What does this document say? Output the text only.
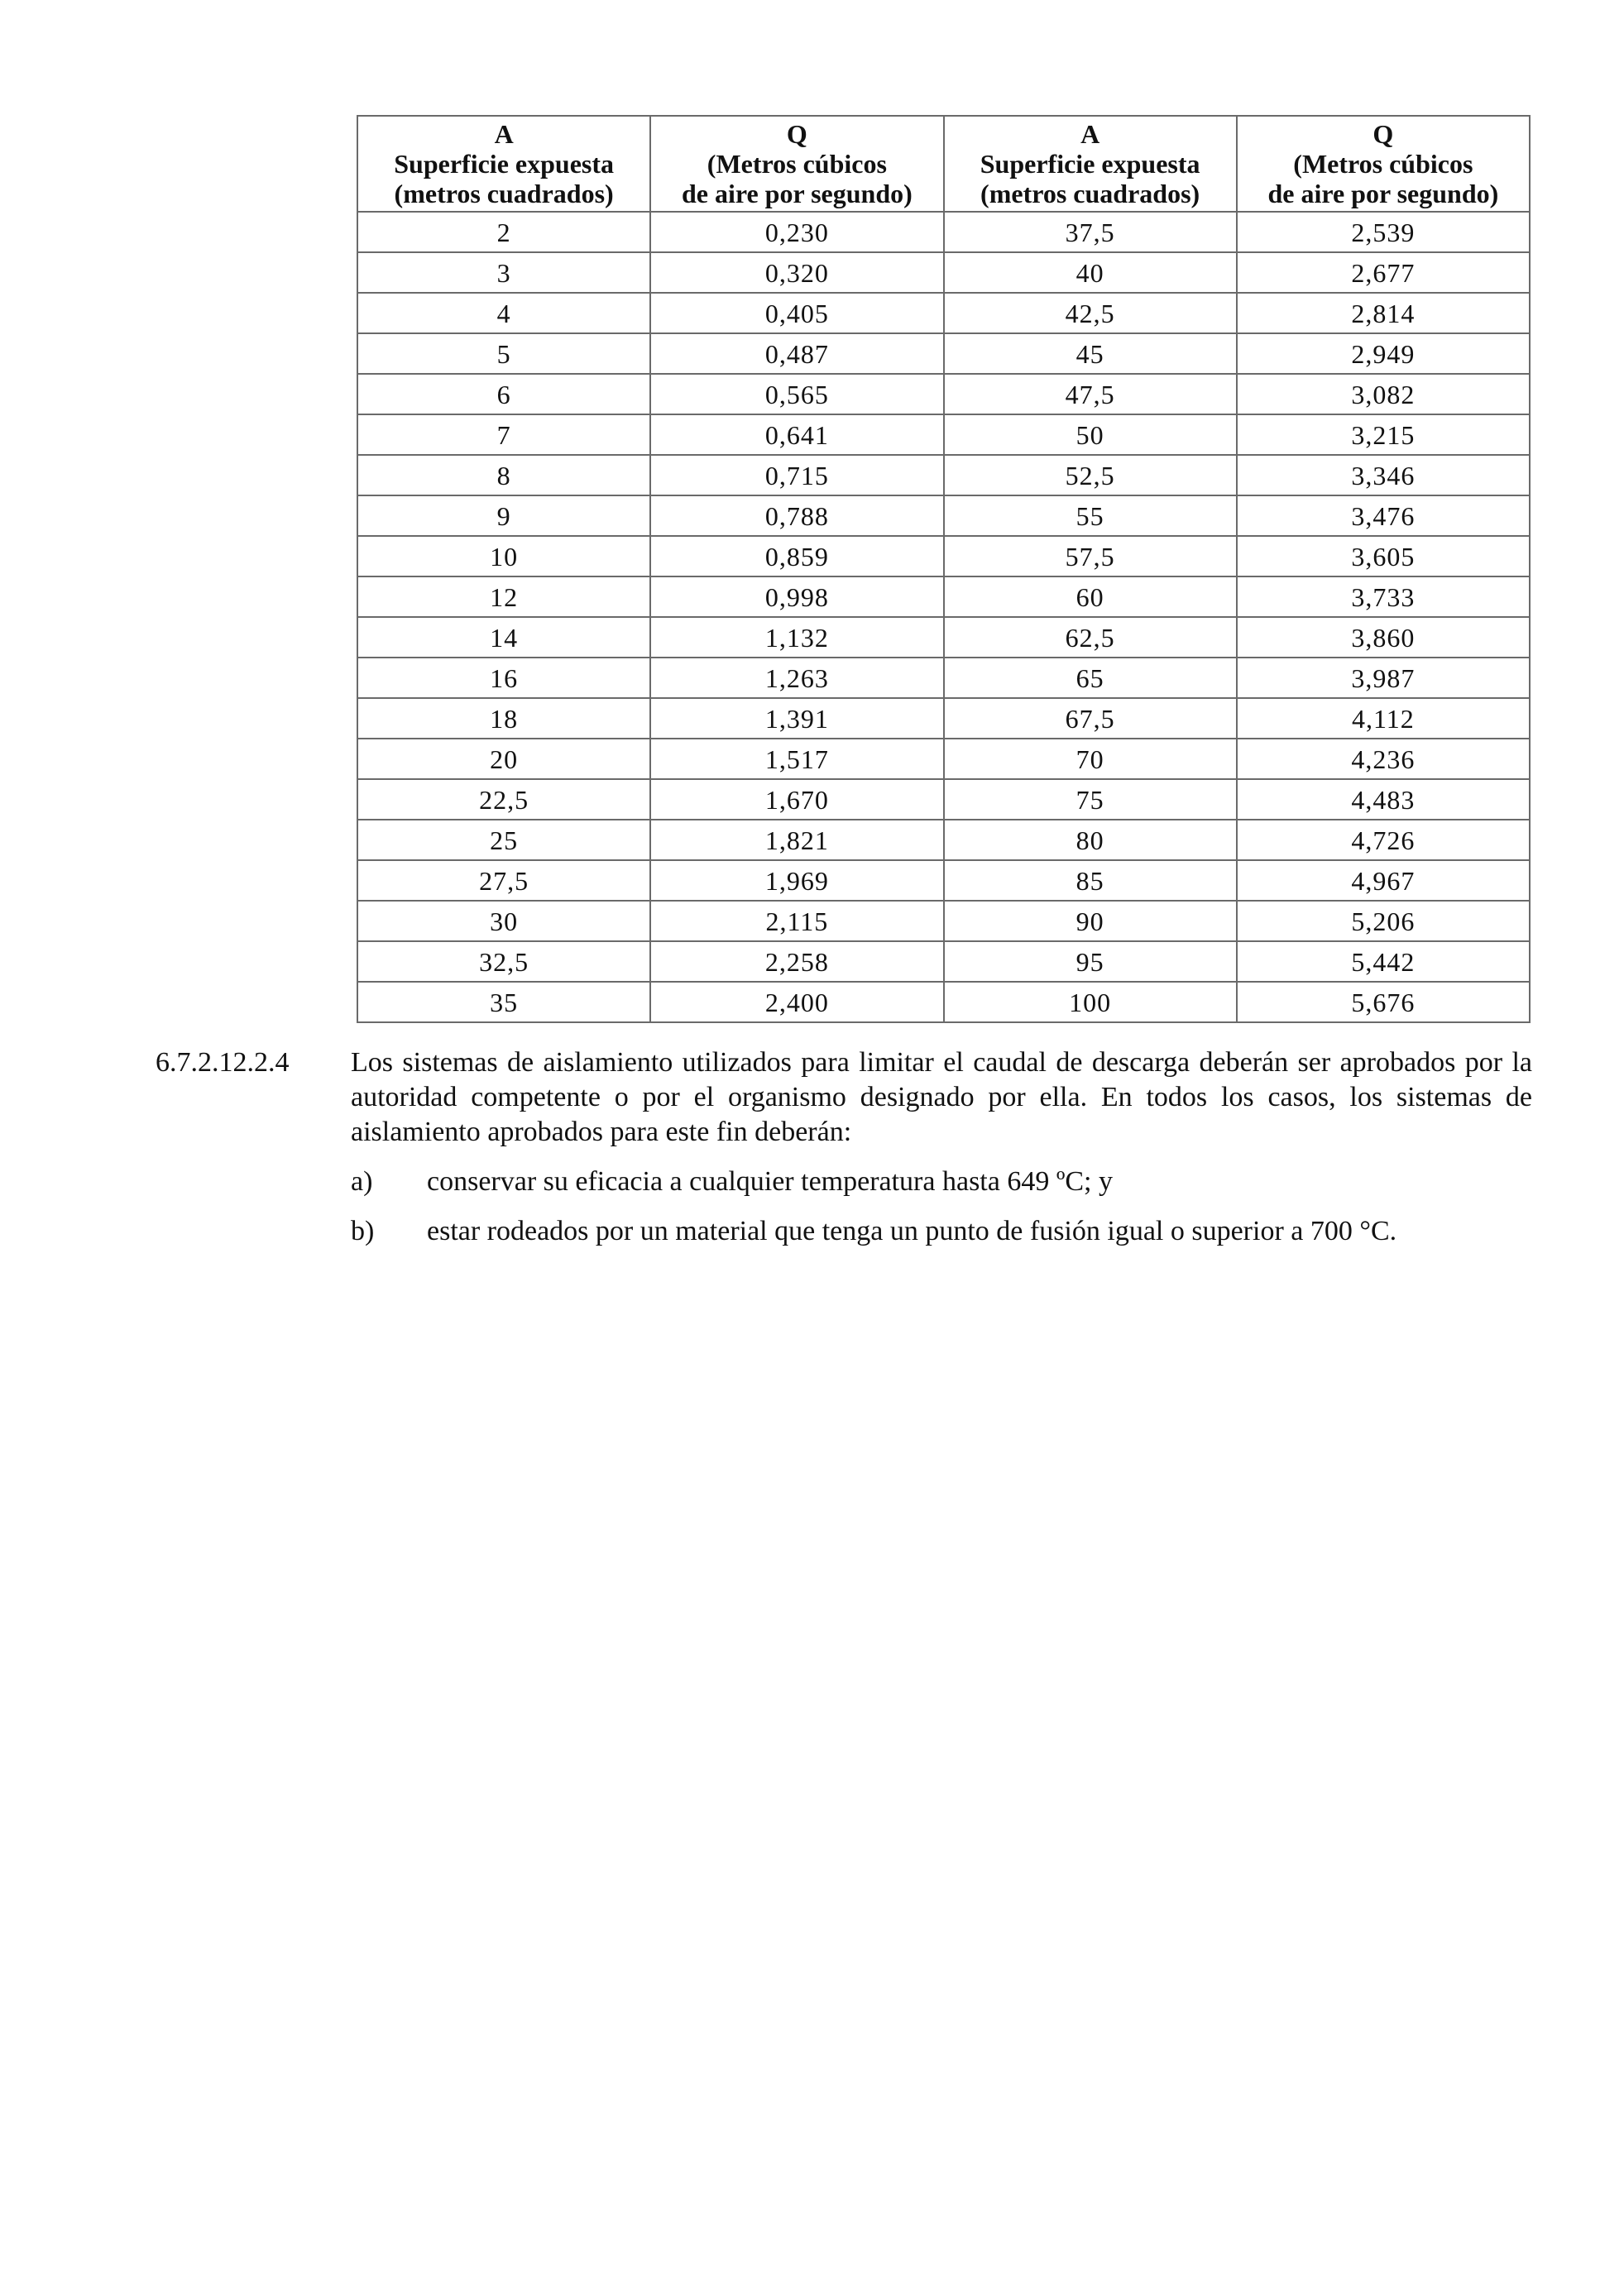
A
Superficie expuesta
(metros cuadrados)	Q
(Metros cúbicos
de aire por segundo)	A
Superficie expuesta
(metros cuadrados)	Q
(Metros cúbicos
de aire por segundo)

2	0,230	37,5	2,539
3	0,320	40	2,677
4	0,405	42,5	2,814
5	0,487	45	2,949
6	0,565	47,5	3,082
7	0,641	50	3,215
8	0,715	52,5	3,346
9	0,788	55	3,476
10	0,859	57,5	3,605
12	0,998	60	3,733
14	1,132	62,5	3,860
16	1,263	65	3,987
18	1,391	67,5	4,112
20	1,517	70	4,236
22,5	1,670	75	4,483
25	1,821	80	4,726
27,5	1,969	85	4,967
30	2,115	90	5,206
32,5	2,258	95	5,442
35	2,400	100	5,676
6.7.2.12.2.4 Los sistemas de aislamiento utilizados para limitar el caudal de descarga deberán ser aprobados por la autoridad competente o por el organismo designado por ella. En todos los casos, los sistemas de aislamiento aprobados para este fin deberán:

a) conservar su eficacia a cualquier temperatura hasta 649 ºC; y
b) estar rodeados por un material que tenga un punto de fusión igual o superior a 700 °C.
